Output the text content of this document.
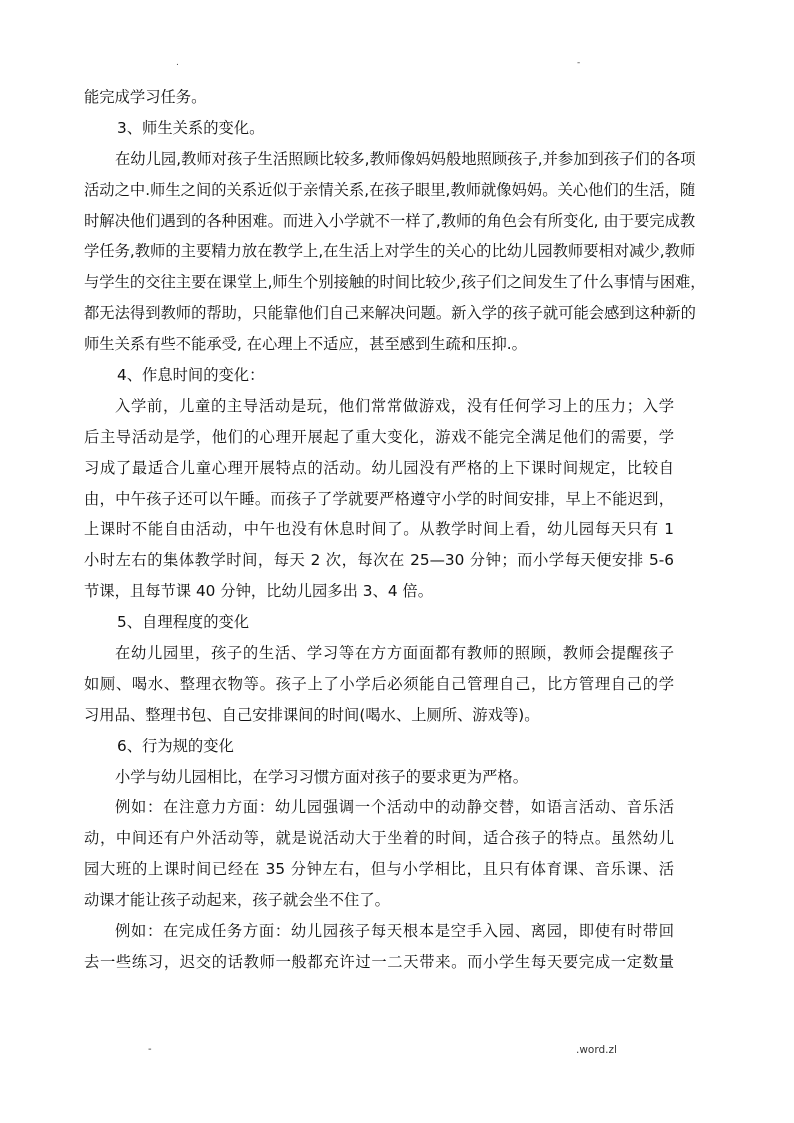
.	-
能完成学习任务。
3、师生关系的变化。
在幼儿园,教师对孩子生活照顾比较多,教师像妈妈般地照顾孩子,并参加到孩子们的各项
活动之中.师生之间的关系近似于亲情关系,在孩子眼里,教师就像妈妈。关心他们的生活，随
时解决他们遇到的各种困难。而进入小学就不一样了,教师的角色会有所变化, 由于要完成教
学任务,教师的主要精力放在教学上,在生活上对学生的关心的比幼儿园教师要相对减少,教师
与学生的交往主要在课堂上,师生个别接触的时间比较少,孩子们之间发生了什么事情与困难，
都无法得到教师的帮助，只能靠他们自己来解决问题。新入学的孩子就可能会感到这种新的
师生关系有些不能承受, 在心理上不适应，甚至感到生疏和压抑.。
4、作息时间的变化：
入学前，儿童的主导活动是玩，他们常常做游戏，没有任何学习上的压力；入学
后主导活动是学，他们的心理开展起了重大变化，游戏不能完全满足他们的需要，学
习成了最适合儿童心理开展特点的活动。幼儿园没有严格的上下课时间规定，比较自
由，中午孩子还可以午睡。而孩子了学就要严格遵守小学的时间安排，早上不能迟到，
上课时不能自由活动，中午也没有休息时间了。从教学时间上看，幼儿园每天只有 1
小时左右的集体教学时间，每天 2 次，每次在 25—30 分钟；而小学每天便安排 5-6
节课，且每节课 40 分钟，比幼儿园多出 3、4 倍。
5、自理程度的变化
在幼儿园里，孩子的生活、学习等在方方面面都有教师的照顾，教师会提醒孩子
如厕、喝水、整理衣物等。孩子上了小学后必须能自己管理自己，比方管理自己的学
习用品、整理书包、自己安排课间的时间(喝水、上厕所、游戏等)。
6、行为规的变化
小学与幼儿园相比，在学习习惯方面对孩子的要求更为严格。
例如：在注意力方面：幼儿园强调一个活动中的动静交替，如语言活动、音乐活
动，中间还有户外活动等，就是说活动大于坐着的时间，适合孩子的特点。虽然幼儿
园大班的上课时间已经在 35 分钟左右，但与小学相比，且只有体育课、音乐课、活
动课才能让孩子动起来，孩子就会坐不住了。
例如：在完成任务方面：幼儿园孩子每天根本是空手入园、离园，即使有时带回
去一些练习，迟交的话教师一般都充许过一二天带来。而小学生每天要完成一定数量
-	.word.zl
